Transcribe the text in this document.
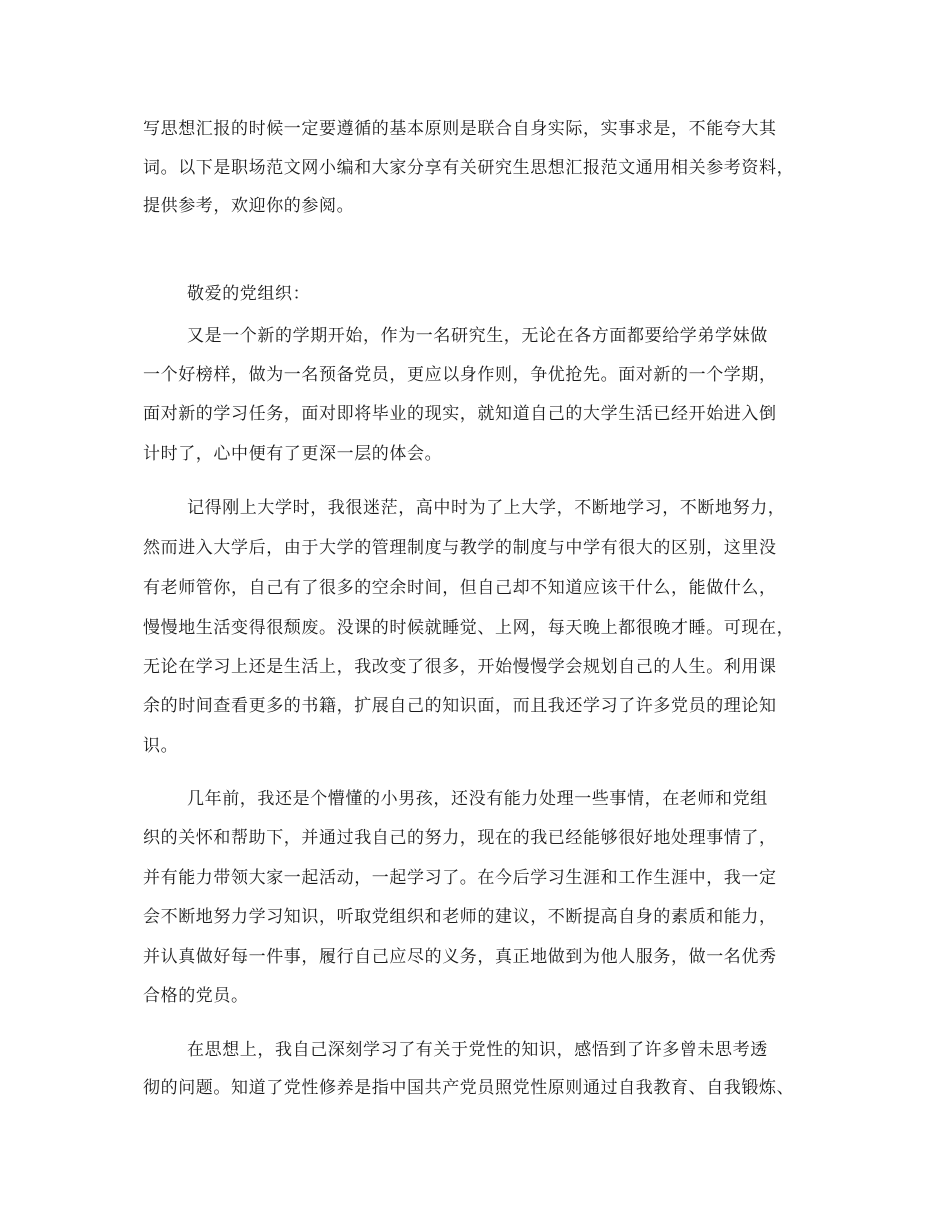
写思想汇报的时候一定要遵循的基本原则是联合自身实际，实事求是，不能夸大其

词。以下是职场范文网小编和大家分享有关研究生思想汇报范文通用相关参考资料，

提供参考，欢迎你的参阅。

敬爱的党组织：

又是一个新的学期开始，作为一名研究生，无论在各方面都要给学弟学妹做

一个好榜样，做为一名预备党员，更应以身作则，争优抢先。面对新的一个学期，

面对新的学习任务，面对即将毕业的现实，就知道自己的大学生活已经开始进入倒

计时了，心中便有了更深一层的体会。

记得刚上大学时，我很迷茫，高中时为了上大学，不断地学习，不断地努力，

然而进入大学后，由于大学的管理制度与教学的制度与中学有很大的区别，这里没

有老师管你，自己有了很多的空余时间，但自己却不知道应该干什么，能做什么，

慢慢地生活变得很颓废。没课的时候就睡觉、上网，每天晚上都很晚才睡。可现在，

无论在学习上还是生活上，我改变了很多，开始慢慢学会规划自己的人生。利用课

余的时间查看更多的书籍，扩展自己的知识面，而且我还学习了许多党员的理论知

识。

几年前，我还是个懵懂的小男孩，还没有能力处理一些事情，在老师和党组

织的关怀和帮助下，并通过我自己的努力，现在的我已经能够很好地处理事情了，

并有能力带领大家一起活动，一起学习了。在今后学习生涯和工作生涯中，我一定

会不断地努力学习知识，听取党组织和老师的建议，不断提高自身的素质和能力，

并认真做好每一件事，履行自己应尽的义务，真正地做到为他人服务，做一名优秀

合格的党员。

在思想上，我自己深刻学习了有关于党性的知识，感悟到了许多曾未思考透

彻的问题。知道了党性修养是指中国共产党员照党性原则通过自我教育、自我锻炼、
